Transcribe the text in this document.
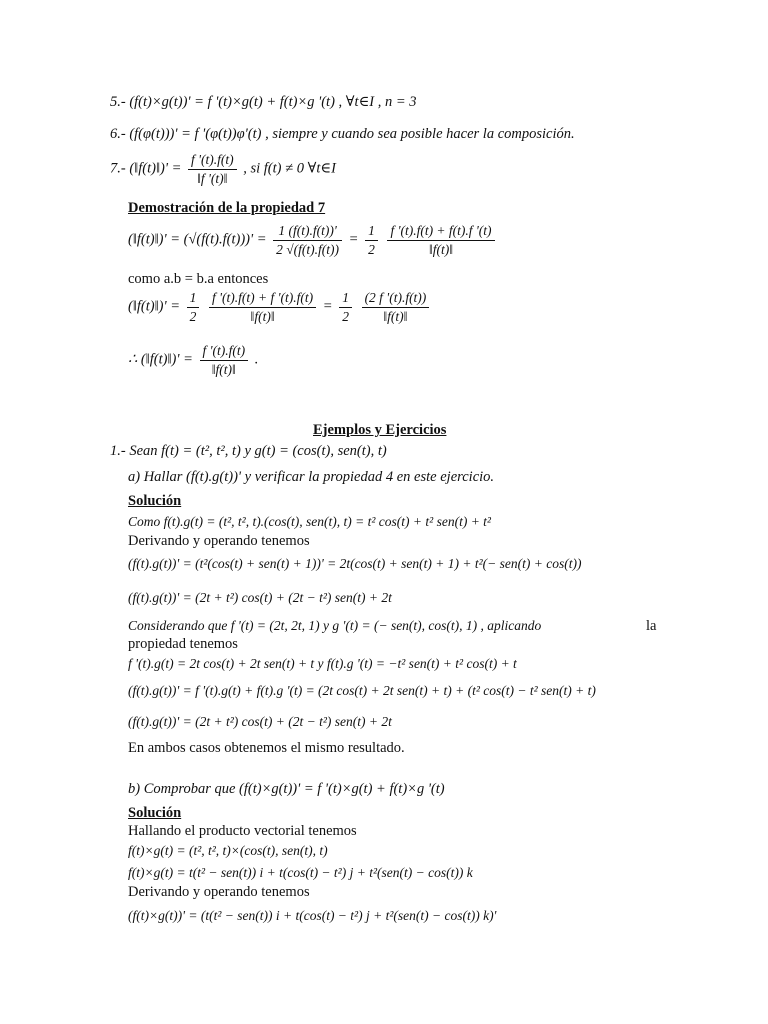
5.- (f(t)×g(t))' = f '(t)×g(t) + f(t)×g '(t) , ∀t∈I , n = 3
6.- (f(φ(t)))' = f '(φ(t))φ'(t) , siempre y cuando sea posible hacer la composición.
7.- (‖f(t)‖)' = $\frac{f '(t).f(t)}{‖f '(t)‖}$ , si f(t) ≠ 0 ∀t∈I
Demostración de la propiedad 7
(‖f(t)‖)' = $(√(f(t).f(t)))' = \frac{1 (f(t).f(t))'}{2 √(f(t).f(t))} = \frac{1}{2}$
$\frac{f '(t).f(t) + f(t).f '(t)}{‖f(t)‖}$
como a.b = b.a entonces
(‖f(t)‖)' = $\frac{1}{2}$
$\frac{f '(t).f(t) + f '(t).f(t)}{‖f(t)‖} = \frac{1}{2}$
$\frac{(2 f '(t).f(t))}{‖f(t)‖}$
∴ (‖f(t)‖)' = $\frac{f '(t).f(t)}{‖f(t)‖}$ .
Ejemplos y Ejercicios
1.- Sean f(t) = (t², t², t) y g(t) = (cos(t), sen(t), t)
a) Hallar (f(t).g(t))' y verificar la propiedad 4 en este ejercicio.
Solución
Como f(t).g(t) = (t², t², t).(cos(t), sen(t), t) = t² cos(t) + t² sen(t) + t²
Derivando y operando tenemos
(f(t).g(t))' = (t²(cos(t) + sen(t) + 1))' = 2t(cos(t) + sen(t) + 1) + t²(− sen(t) + cos(t))
(f(t).g(t))' = (2t + t²) cos(t) + (2t − t²) sen(t) + 2t
Considerando que f '(t) = (2t, 2t, 1) y g '(t) = (− sen(t), cos(t), 1) , aplicando	la
propiedad tenemos
f '(t).g(t) = 2t cos(t) + 2t sen(t) + t y f(t).g '(t) = −t² sen(t) + t² cos(t) + t
(f(t).g(t))' = f '(t).g(t) + f(t).g '(t) = (2t cos(t) + 2t sen(t) + t) + (t² cos(t) − t² sen(t) + t)
(f(t).g(t))' = (2t + t²) cos(t) + (2t − t²) sen(t) + 2t
En ambos casos obtenemos el mismo resultado.
b) Comprobar que (f(t)×g(t))' = f '(t)×g(t) + f(t)×g '(t)
Solución
Hallando el producto vectorial tenemos
f(t)×g(t) = (t², t², t)×(cos(t), sen(t), t)
f(t)×g(t) = t(t² − sen(t)) i + t(cos(t) − t²) j + t²(sen(t) − cos(t)) k
Derivando y operando tenemos
(f(t)×g(t))' = (t(t² − sen(t)) i + t(cos(t) − t²) j + t²(sen(t) − cos(t)) k)'
